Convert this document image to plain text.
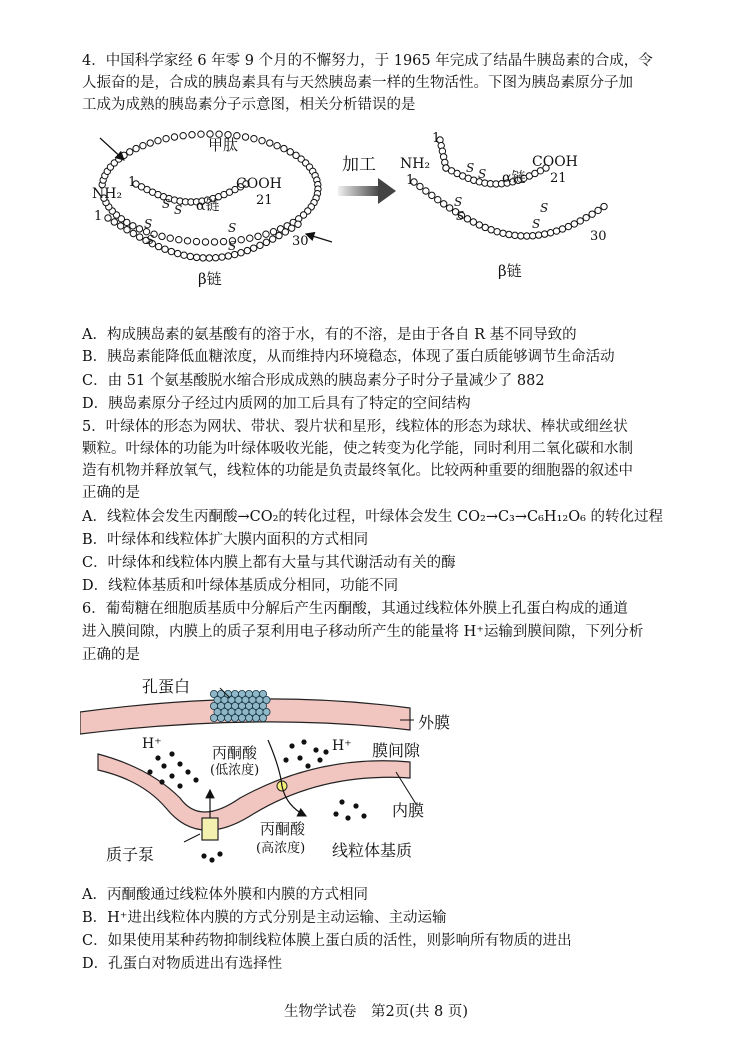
4．中国科学家经 6 年零 9 个月的不懈努力，于 1965 年完成了结晶牛胰岛素的合成，令
人振奋的是，合成的胰岛素具有与天然胰岛素一样的生物活性。下图为胰岛素原分子加
工成为成熟的胰岛素分子示意图，相关分析错误的是
加工
甲肽
NH₂
1
1
COOH
21
30
α链
β链
S S
S
S
S
S
NH₂
1
1
COOH
21
30
α链
β链
S S
S
S
S
S
A．构成胰岛素的氨基酸有的溶于水，有的不溶，是由于各自 R 基不同导致的
B．胰岛素能降低血糖浓度，从而维持内环境稳态，体现了蛋白质能够调节生命活动
C．由 51 个氨基酸脱水缩合形成成熟的胰岛素分子时分子量减少了 882
D．胰岛素原分子经过内质网的加工后具有了特定的空间结构
5．叶绿体的形态为网状、带状、裂片状和星形，线粒体的形态为球状、棒状或细丝状
颗粒。叶绿体的功能为叶绿体吸收光能，使之转变为化学能，同时利用二氧化碳和水制
造有机物并释放氧气，线粒体的功能是负责最终氧化。比较两种重要的细胞器的叙述中
正确的是
A．线粒体会发生丙酮酸→CO₂的转化过程，叶绿体会发生 CO₂→C₃→C₆H₁₂O₆ 的转化过程
B．叶绿体和线粒体扩大膜内面积的方式相同
C．叶绿体和线粒体内膜上都有大量与其代谢活动有关的酶
D．线粒体基质和叶绿体基质成分相同，功能不同
6．葡萄糖在细胞质基质中分解后产生丙酮酸，其通过线粒体外膜上孔蛋白构成的通道
进入膜间隙，内膜上的质子泵利用电子移动所产生的能量将 H⁺运输到膜间隙，下列分析
正确的是
孔蛋白
外膜
H⁺	H⁺
丙酮酸
(低浓度)
膜间隙
内膜
丙酮酸
(高浓度) 线粒体基质
质子泵
A．丙酮酸通过线粒体外膜和内膜的方式相同
B．H⁺进出线粒体内膜的方式分别是主动运输、主动运输
C．如果使用某种药物抑制线粒体膜上蛋白质的活性，则影响所有物质的进出
D．孔蛋白对物质进出有选择性
生物学试卷　第2页(共 8 页)
